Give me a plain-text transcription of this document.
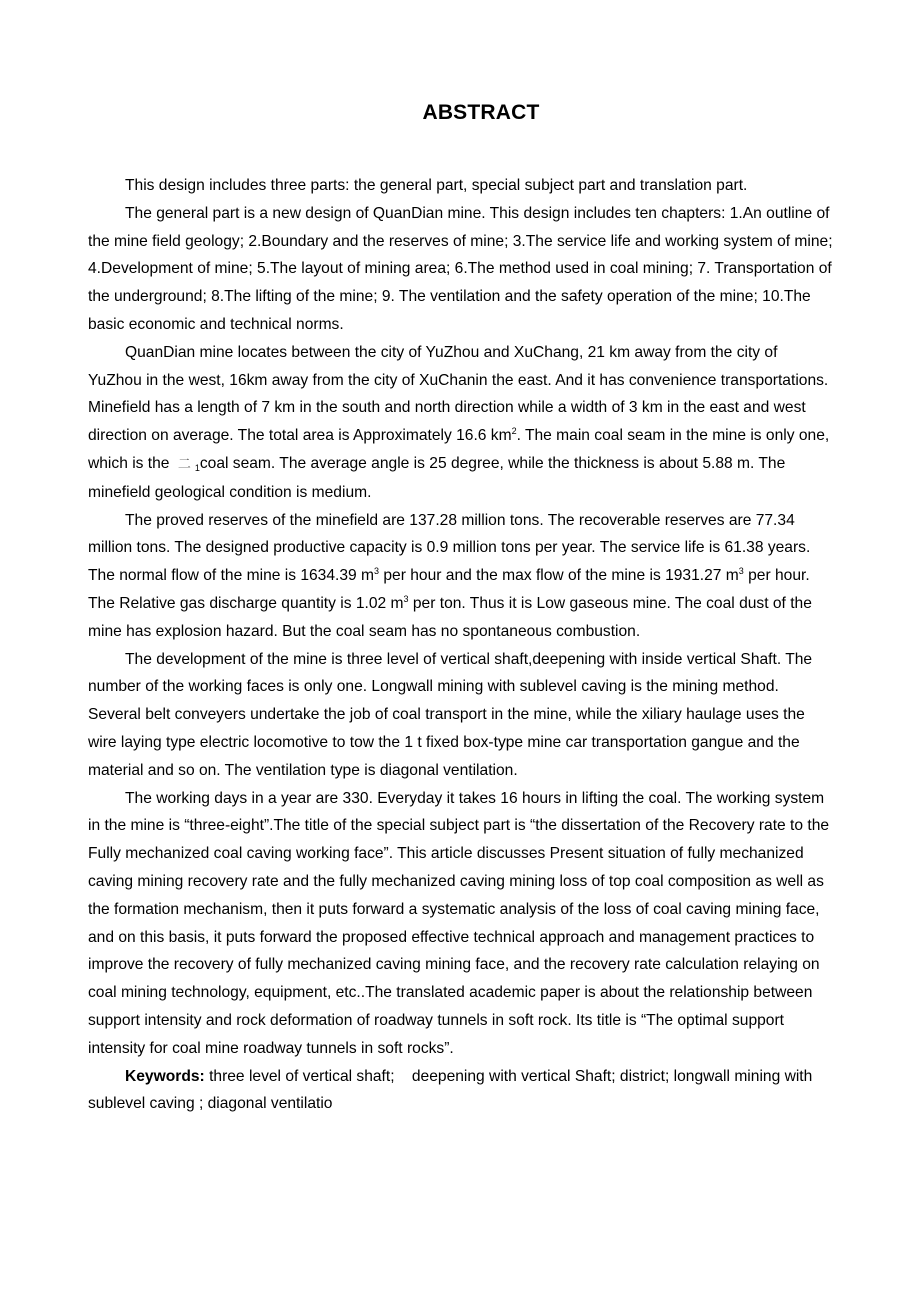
ABSTRACT

This design includes three parts: the general part, special subject part and translation part.

The general part is a new design of QuanDian mine. This design includes ten chapters: 1.An outline of the mine field geology; 2.Boundary and the reserves of mine; 3.The service life and working system of mine; 4.Development of mine; 5.The layout of mining area; 6.The method used in coal mining; 7. Transportation of the underground; 8.The lifting of the mine; 9. The ventilation and the safety operation of the mine; 10.The basic economic and technical norms.

QuanDian mine locates between the city of YuZhou and XuChang, 21 km away from the city of YuZhou in the west, 16km away from the city of XuChanin the east. And it has convenience transportations. Minefield has a length of 7 km in the south and north direction while a width of 3 km in the east and west direction on average. The total area is Approximately 16.6 $km^2$. The main coal seam in the mine is only one, which is the 二 $_1$coal seam. The average angle is 25 degree, while the thickness is about 5.88 m. The minefield geological condition is medium.

The proved reserves of the minefield are 137.28 million tons. The recoverable reserves are 77.34 million tons. The designed productive capacity is 0.9 million tons per year. The service life is 61.38 years. The normal flow of the mine is 1634.39 $m^3$ per hour and the max flow of the mine is 1931.27 $m^3$ per hour. The Relative gas discharge quantity is 1.02 $m^3$ per ton. Thus it is Low gaseous mine. The coal dust of the mine has explosion hazard. But the coal seam has no spontaneous combustion.

The development of the mine is three level of vertical shaft,deepening with inside vertical Shaft. The number of the working faces is only one. Longwall mining with sublevel caving is the mining method. Several belt conveyers undertake the job of coal transport in the mine, while the xiliary haulage uses the wire laying type electric locomotive to tow the 1 t fixed box-type mine car transportation gangue and the material and so on. The ventilation type is diagonal ventilation.

The working days in a year are 330. Everyday it takes 16 hours in lifting the coal. The working system in the mine is “three-eight”.The title of the special subject part is “the dissertation of the Recovery rate to the Fully mechanized coal caving working face”. This article discusses Present situation of fully mechanized caving mining recovery rate and the fully mechanized caving mining loss of top coal composition as well as the formation mechanism, then it puts forward a systematic analysis of the loss of coal caving mining face, and on this basis, it puts forward the proposed effective technical approach and management practices to improve the recovery of fully mechanized caving mining face, and the recovery rate calculation relaying on coal mining technology, equipment, etc..The translated academic paper is about the relationship between support intensity and rock deformation of roadway tunnels in soft rock. Its title is “The optimal support intensity for coal mine roadway tunnels in soft rocks”.

Keywords: three level of vertical shaft;    deepening with vertical Shaft; district; longwall mining with sublevel caving ; diagonal ventilatio
